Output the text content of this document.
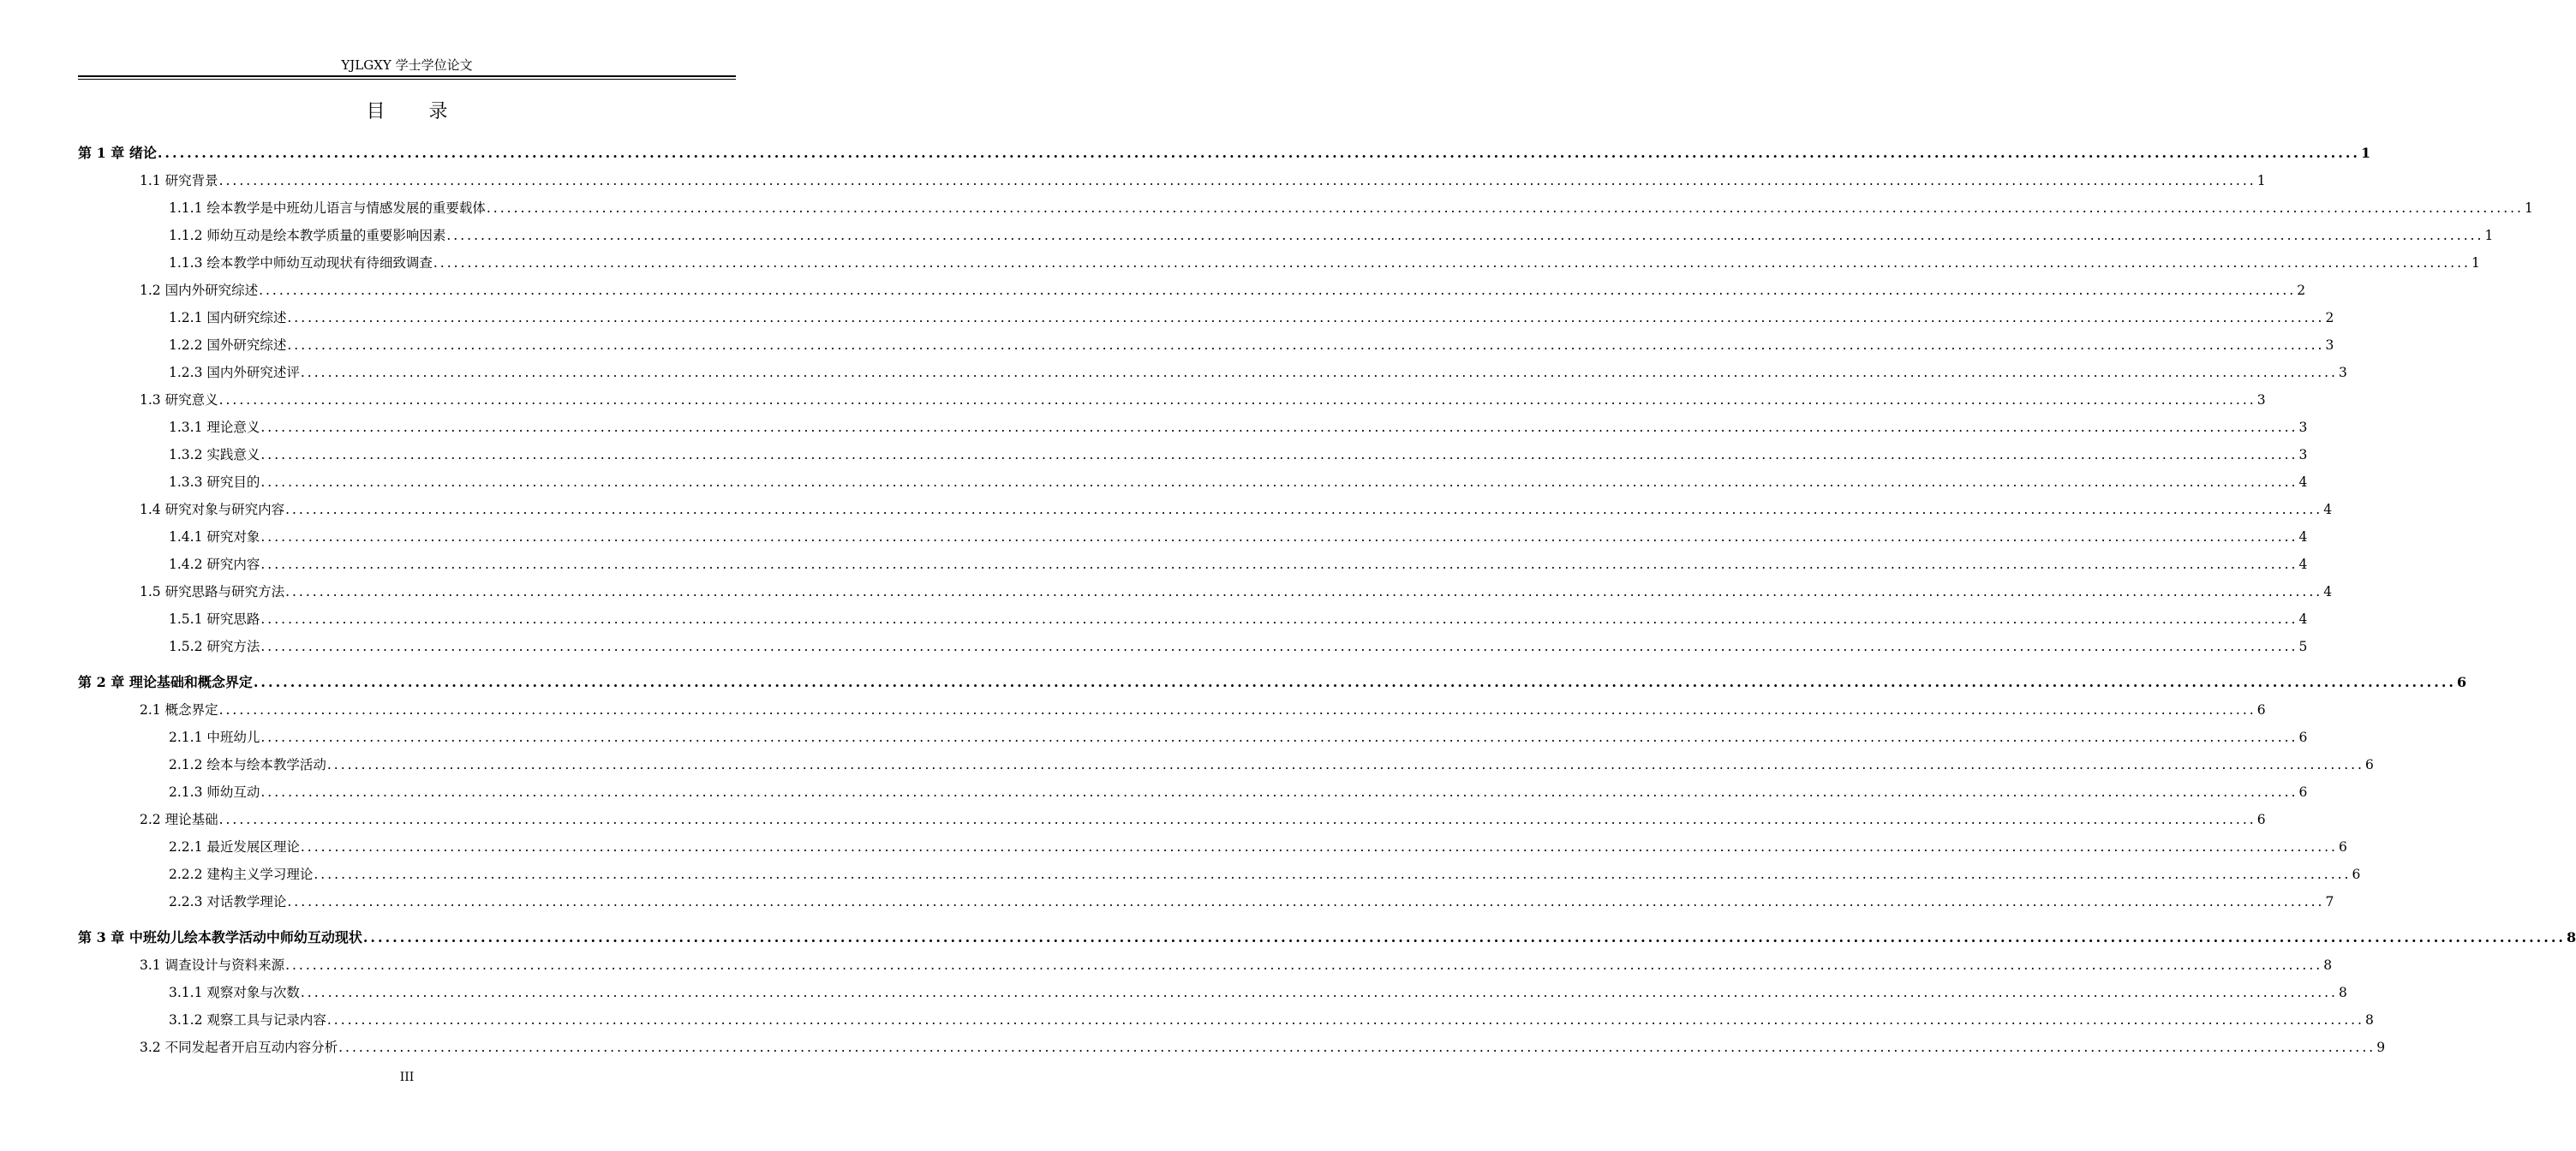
YJLGXY 学士学位论文
目 录
第 1 章 绪论 ............................................................................................................................................................................................................................................................................................................ 1
1.1 研究背景 ............................................................................................................................................................................................................................................................................................................ 1
1.1.1 绘本教学是中班幼儿语言与情感发展的重要载体 ............................................................................................................................................................................................................................................................................................................ 1
1.1.2 师幼互动是绘本教学质量的重要影响因素 ............................................................................................................................................................................................................................................................................................................ 1
1.1.3 绘本教学中师幼互动现状有待细致调查 ............................................................................................................................................................................................................................................................................................................ 1
1.2 国内外研究综述 ............................................................................................................................................................................................................................................................................................................ 2
1.2.1 国内研究综述 ............................................................................................................................................................................................................................................................................................................ 2
1.2.2 国外研究综述 ............................................................................................................................................................................................................................................................................................................ 3
1.2.3 国内外研究述评 ............................................................................................................................................................................................................................................................................................................ 3
1.3 研究意义 ............................................................................................................................................................................................................................................................................................................ 3
1.3.1 理论意义 ............................................................................................................................................................................................................................................................................................................ 3
1.3.2 实践意义 ............................................................................................................................................................................................................................................................................................................ 3
1.3.3 研究目的 ............................................................................................................................................................................................................................................................................................................ 4
1.4 研究对象与研究内容 ............................................................................................................................................................................................................................................................................................................ 4
1.4.1 研究对象 ............................................................................................................................................................................................................................................................................................................ 4
1.4.2 研究内容 ............................................................................................................................................................................................................................................................................................................ 4
1.5 研究思路与研究方法 ............................................................................................................................................................................................................................................................................................................ 4
1.5.1 研究思路 ............................................................................................................................................................................................................................................................................................................ 4
1.5.2 研究方法 ............................................................................................................................................................................................................................................................................................................ 5
第 2 章 理论基础和概念界定 ............................................................................................................................................................................................................................................................................................................ 6
2.1 概念界定 ............................................................................................................................................................................................................................................................................................................ 6
2.1.1 中班幼儿 ............................................................................................................................................................................................................................................................................................................ 6
2.1.2 绘本与绘本教学活动 ............................................................................................................................................................................................................................................................................................................ 6
2.1.3 师幼互动 ............................................................................................................................................................................................................................................................................................................ 6
2.2 理论基础 ............................................................................................................................................................................................................................................................................................................ 6
2.2.1 最近发展区理论 ............................................................................................................................................................................................................................................................................................................ 6
2.2.2 建构主义学习理论 ............................................................................................................................................................................................................................................................................................................ 6
2.2.3 对话教学理论 ............................................................................................................................................................................................................................................................................................................ 7
第 3 章 中班幼儿绘本教学活动中师幼互动现状 ............................................................................................................................................................................................................................................................................................................ 8
3.1 调查设计与资料来源 ............................................................................................................................................................................................................................................................................................................ 8
3.1.1 观察对象与次数 ............................................................................................................................................................................................................................................................................................................ 8
3.1.2 观察工具与记录内容 ............................................................................................................................................................................................................................................................................................................ 8
3.2 不同发起者开启互动内容分析 ............................................................................................................................................................................................................................................................................................................ 9
III
